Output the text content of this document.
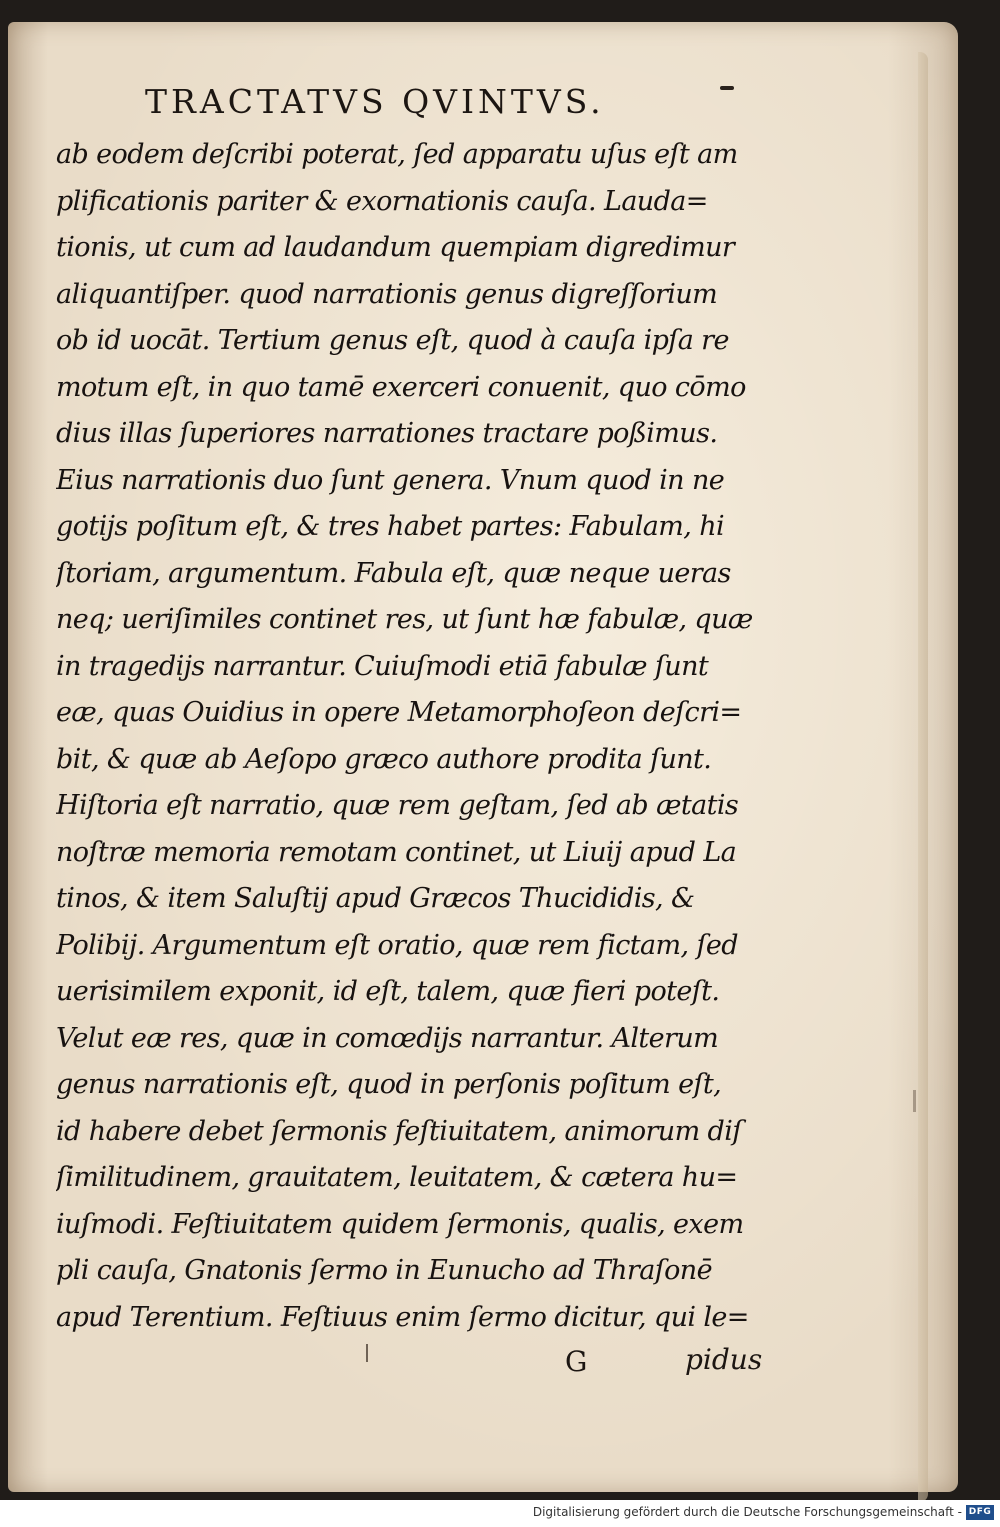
TRACTATVS QVINTVS.
ab eodem deſcribi poterat, ſed apparatu uſus eſt am
plificationis pariter & exornationis cauſa. Lauda=
tionis, ut cum ad laudandum quempiam digredimur
aliquantiſper. quod narrationis genus digreſſorium
ob id uocāt. Tertium genus eſt, quod à cauſa ipſa re
motum eſt, in quo tamē exerceri conuenit, quo cōmo
dius illas ſuperiores narrationes tractare poßimus.
Eius narrationis duo ſunt genera. Vnum quod in ne
gotijs poſitum eſt, & tres habet partes: Fabulam, hi
ſtoriam, argumentum. Fabula eſt, quæ neque ueras
neq; ueriſimiles continet res, ut ſunt hæ fabulæ, quæ
in tragedijs narrantur. Cuiuſmodi etiā fabulæ ſunt
eæ, quas Ouidius in opere Metamorphoſeon deſcri=
bit, & quæ ab Aeſopo græco authore prodita ſunt.
Hiſtoria eſt narratio, quæ rem geſtam, ſed ab ætatis
noſtræ memoria remotam continet, ut Liuij apud La
tinos, & item Saluſtij apud Græcos Thucididis, &
Polibij. Argumentum eſt oratio, quæ rem fictam, ſed
uerisimilem exponit, id eſt, talem, quæ fieri poteſt.
Velut eæ res, quæ in comœdijs narrantur. Alterum
genus narrationis eſt, quod in perſonis poſitum eſt,
id habere debet ſermonis feſtiuitatem, animorum diſ
ſimilitudinem, grauitatem, leuitatem, & cætera hu=
iuſmodi. Feſtiuitatem quidem ſermonis, qualis, exem
pli cauſa, Gnatonis ſermo in Eunucho ad Thraſonē
apud Terentium. Feſtiuus enim ſermo dicitur, qui le=
G	pidus
Digitalisierung gefördert durch die Deutsche Forschungsgemeinschaft - DFG
